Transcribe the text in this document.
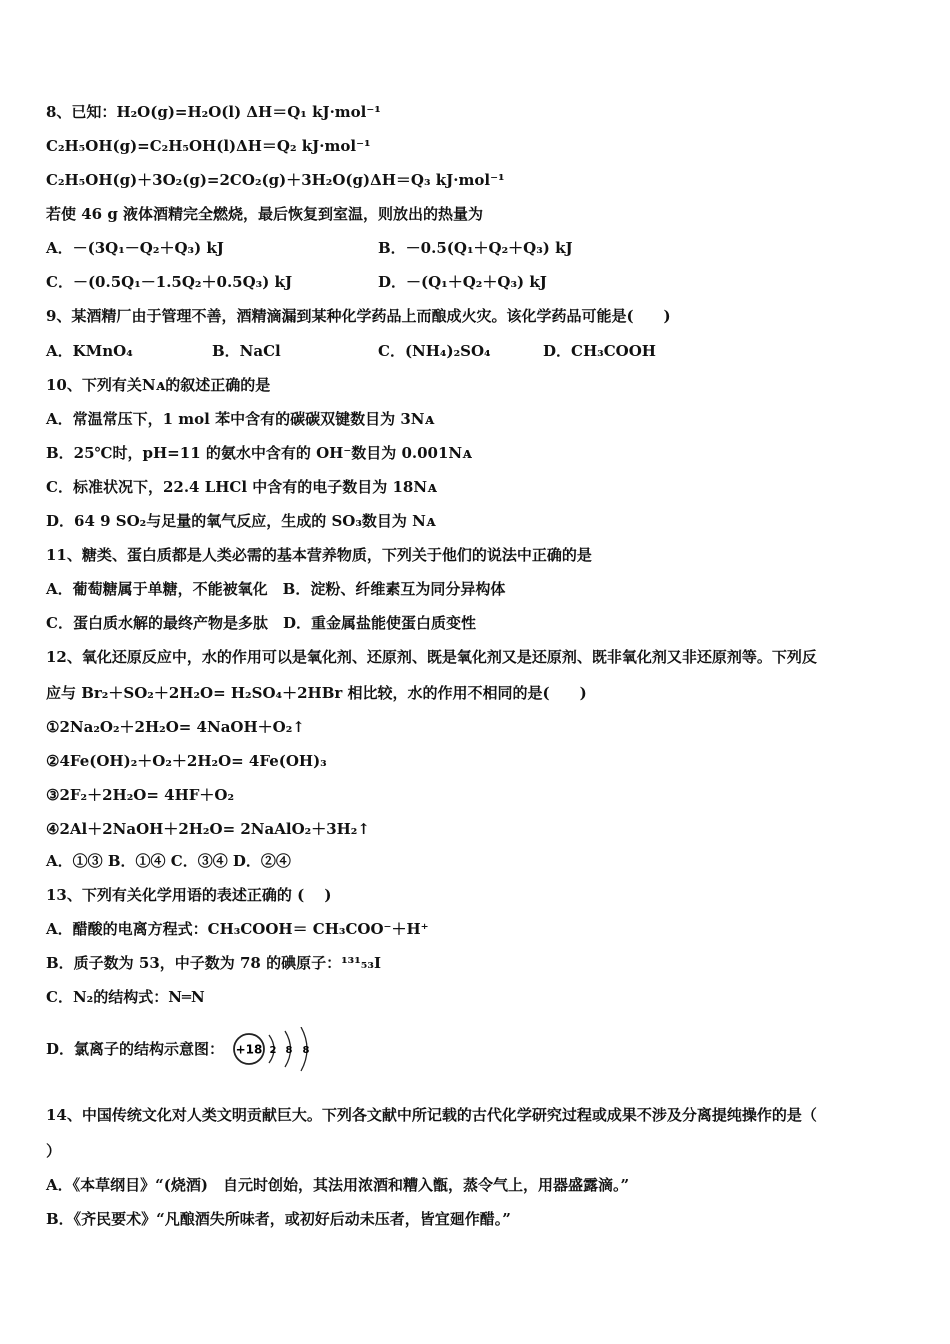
8、已知：H₂O(g)=H₂O(l) ΔH＝Q₁ kJ·mol⁻¹
C₂H₅OH(g)=C₂H₅OH(l)ΔH＝Q₂ kJ·mol⁻¹
C₂H₅OH(g)＋3O₂(g)=2CO₂(g)＋3H₂O(g)ΔH＝Q₃ kJ·mol⁻¹
若使 46 g 液体酒精完全燃烧，最后恢复到室温，则放出的热量为
A．－(3Q₁－Q₂＋Q₃) kJ	B．－0.5(Q₁＋Q₂＋Q₃) kJ
C．－(0.5Q₁－1.5Q₂＋0.5Q₃) kJ	D．－(Q₁＋Q₂＋Q₃) kJ
9、某酒精厂由于管理不善，酒精滴漏到某种化学药品上而酿成火灾。该化学药品可能是(　　)
A．KMnO₄	B．NaCl	C．(NH₄)₂SO₄	D．CH₃COOH
10、下列有关Nᴀ的叙述正确的是
A．常温常压下，1 mol 苯中含有的碳碳双键数目为 3Nᴀ
B．25℃时，pH=11 的氨水中含有的 OH⁻数目为 0.001Nᴀ
C．标准状况下，22.4 LHCl 中含有的电子数目为 18Nᴀ
D．64 9 SO₂与足量的氧气反应，生成的 SO₃数目为 Nᴀ
11、糖类、蛋白质都是人类必需的基本营养物质，下列关于他们的说法中正确的是
A．葡萄糖属于单糖，不能被氧化　B．淀粉、纤维素互为同分异构体
C．蛋白质水解的最终产物是多肽　D．重金属盐能使蛋白质变性
12、氧化还原反应中，水的作用可以是氧化剂、还原剂、既是氧化剂又是还原剂、既非氧化剂又非还原剂等。下列反
应与 Br₂＋SO₂＋2H₂O= H₂SO₄＋2HBr 相比较，水的作用不相同的是(　　)
①2Na₂O₂＋2H₂O= 4NaOH＋O₂↑
②4Fe(OH)₂＋O₂＋2H₂O= 4Fe(OH)₃
③2F₂＋2H₂O= 4HF＋O₂
④2Al＋2NaOH＋2H₂O= 2NaAlO₂＋3H₂↑
A．①③ B．①④ C．③④ D．②④
13、下列有关化学用语的表述正确的 (　 )
A．醋酸的电离方程式：CH₃COOH＝ CH₃COO⁻＋H⁺
B．质子数为 53，中子数为 78 的碘原子：¹³¹₅₃I
C．N₂的结构式：N═N
D．氯离子的结构示意图： +18 2 8 8
14、中国传统文化对人类文明贡献巨大。下列各文献中所记载的古代化学研究过程或成果不涉及分离提纯操作的是（
）
A．《本草纲目》“(烧酒)　自元时创始，其法用浓酒和糟入甑，蒸令气上，用器盛露滴。”
B．《齐民要术》“凡酿酒失所味者，或初好后动未压者，皆宜廻作醋。”
